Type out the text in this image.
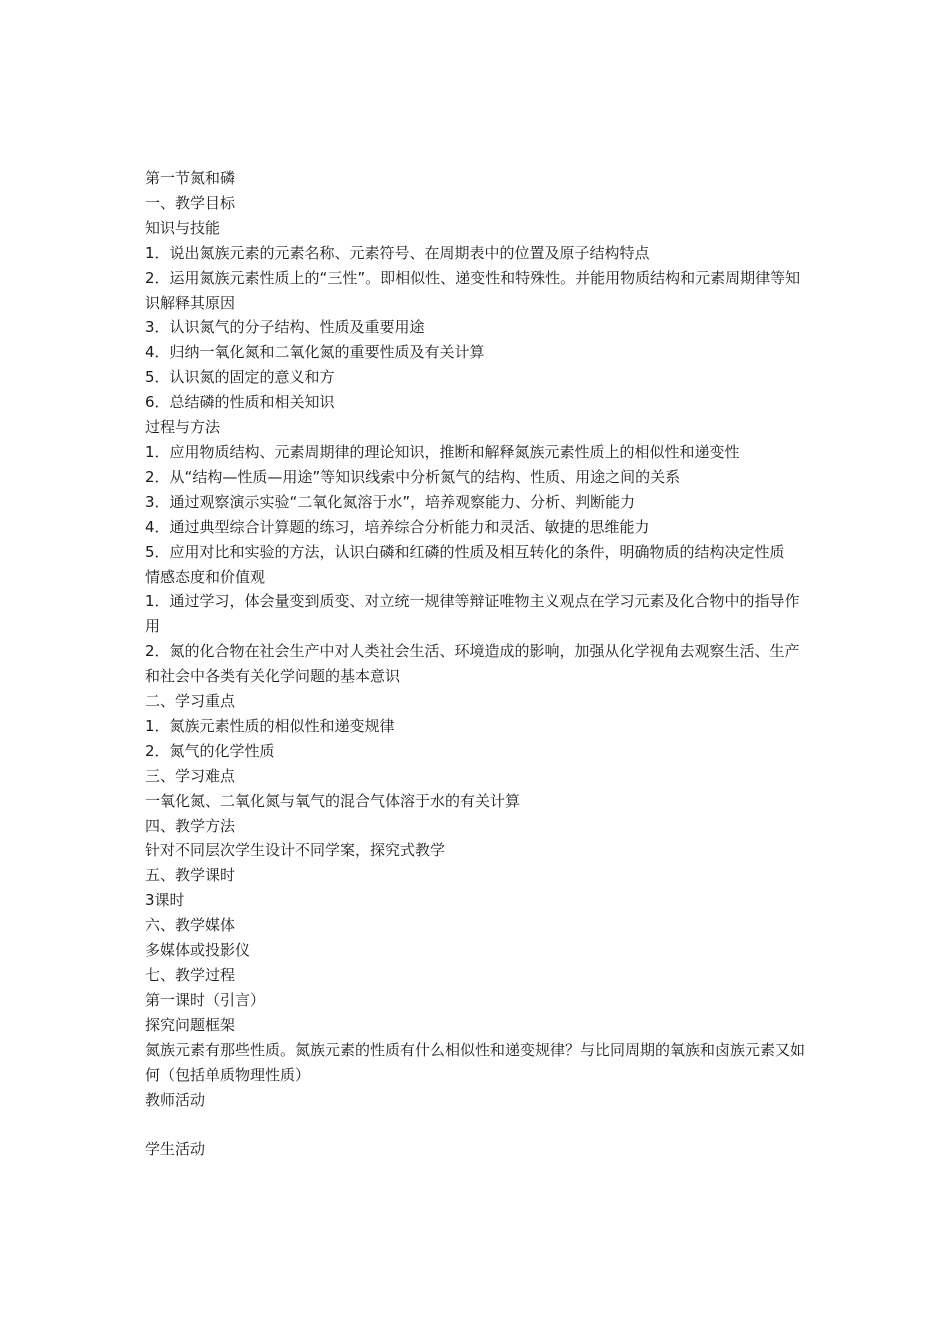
第一节氮和磷

一、教学目标

知识与技能

1．说出氮族元素的元素名称、元素符号、在周期表中的位置及原子结构特点

2．运用氮族元素性质上的“三性”。即相似性、递变性和特殊性。并能用物质结构和元素周期律等知识解释其原因

3．认识氮气的分子结构、性质及重要用途

4．归纳一氧化氮和二氧化氮的重要性质及有关计算

5．认识氮的固定的意义和方

6．总结磷的性质和相关知识

过程与方法

1．应用物质结构、元素周期律的理论知识，推断和解释氮族元素性质上的相似性和递变性

2．从“结构—性质—用途”等知识线索中分析氮气的结构、性质、用途之间的关系

3．通过观察演示实验“二氧化氮溶于水”，培养观察能力、分析、判断能力

4．通过典型综合计算题的练习，培养综合分析能力和灵活、敏捷的思维能力

5．应用对比和实验的方法，认识白磷和红磷的性质及相互转化的条件，明确物质的结构决定性质

情感态度和价值观

1．通过学习，体会量变到质变、对立统一规律等辩证唯物主义观点在学习元素及化合物中的指导作用

2．氮的化合物在社会生产中对人类社会生活、环境造成的影响，加强从化学视角去观察生活、生产和社会中各类有关化学问题的基本意识

二、学习重点

1．氮族元素性质的相似性和递变规律

2．氮气的化学性质

三、学习难点

一氧化氮、二氧化氮与氧气的混合气体溶于水的有关计算

四、教学方法

针对不同层次学生设计不同学案，探究式教学

五、教学课时

3课时

六、教学媒体

多媒体或投影仪

七、教学过程

第一课时（引言）

探究问题框架

氮族元素有那些性质。氮族元素的性质有什么相似性和递变规律？与比同周期的氧族和卤族元素又如何（包括单质物理性质）

教师活动

学生活动
